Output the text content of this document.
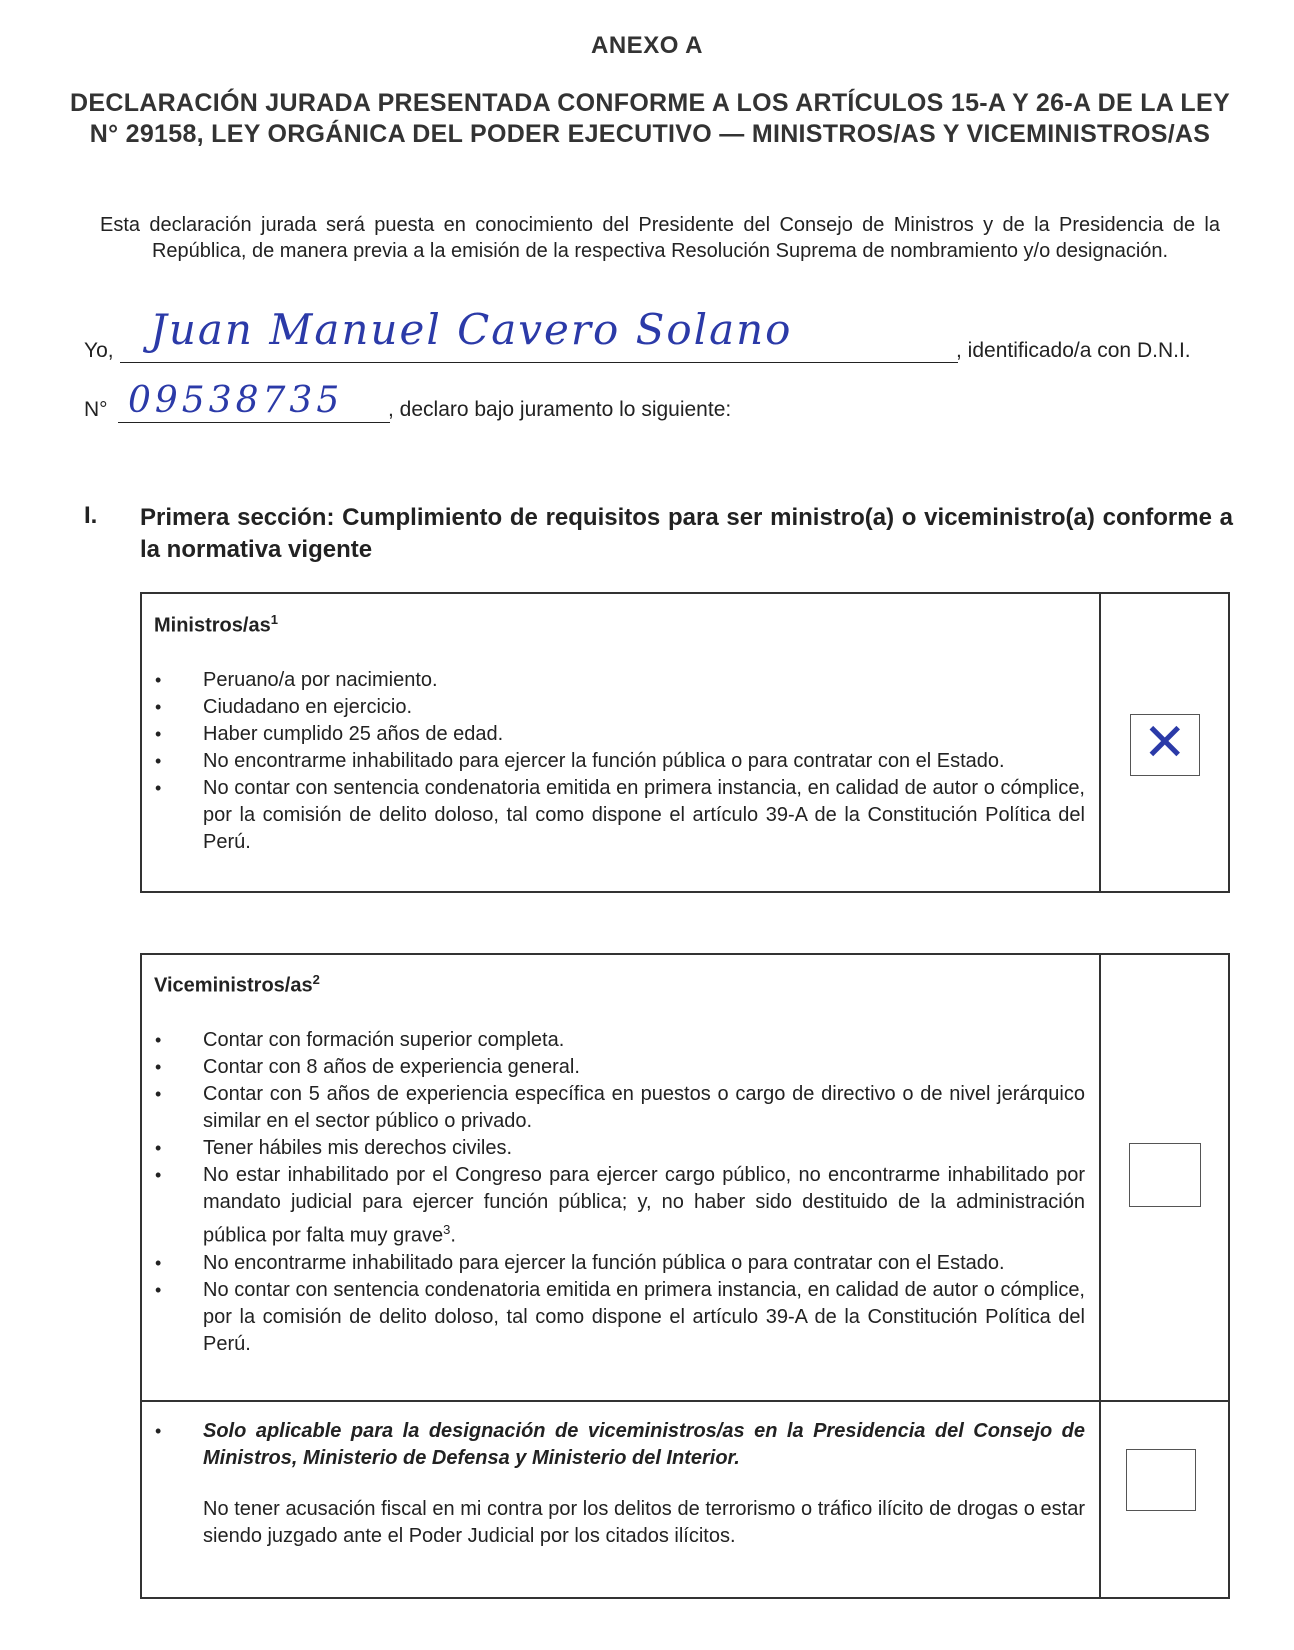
ANEXO A
DECLARACIÓN JURADA PRESENTADA CONFORME A LOS ARTÍCULOS 15-A Y 26-A DE LA LEY N° 29158, LEY ORGÁNICA DEL PODER EJECUTIVO — MINISTROS/AS Y VICEMINISTROS/AS
Esta declaración jurada será puesta en conocimiento del Presidente del Consejo de Ministros y de la Presidencia de la República, de manera previa a la emisión de la respectiva Resolución Suprema de nombramiento y/o designación.
Yo, Juan Manuel Cavero Solano	, identificado/a con D.N.I.
N° 09538735 , declaro bajo juramento lo siguiente:
I. Primera sección: Cumplimiento de requisitos para ser ministro(a) o viceministro(a) conforme a la normativa vigente
Ministros/$as^1$
• Peruano/a por nacimiento.
• Ciudadano en ejercicio.
• Haber cumplido 25 años de edad.
• No encontrarme inhabilitado para ejercer la función pública o para contratar con el Estado.
• No contar con sentencia condenatoria emitida en primera instancia, en calidad de autor o cómplice, por la comisión de delito doloso, tal como dispone el artículo 39-A de la Constitución Política del Perú.
✕
Viceministros/$as^2$
• Contar con formación superior completa.
• Contar con 8 años de experiencia general.
• Contar con 5 años de experiencia específica en puestos o cargo de directivo o de nivel jerárquico similar en el sector público o privado.
• Tener hábiles mis derechos civiles.
• No estar inhabilitado por el Congreso para ejercer cargo público, no encontrarme inhabilitado por mandato judicial para ejercer función pública; y, no haber sido destituido de la administración pública por falta muy grave$^3$.
• No encontrarme inhabilitado para ejercer la función pública o para contratar con el Estado.
• No contar con sentencia condenatoria emitida en primera instancia, en calidad de autor o cómplice, por la comisión de delito doloso, tal como dispone el artículo 39-A de la Constitución Política del Perú.
• Solo aplicable para la designación de viceministros/as en la Presidencia del Consejo de Ministros, Ministerio de Defensa y Ministerio del Interior.
No tener acusación fiscal en mi contra por los delitos de terrorismo o tráfico ilícito de drogas o estar siendo juzgado ante el Poder Judicial por los citados ilícitos.
